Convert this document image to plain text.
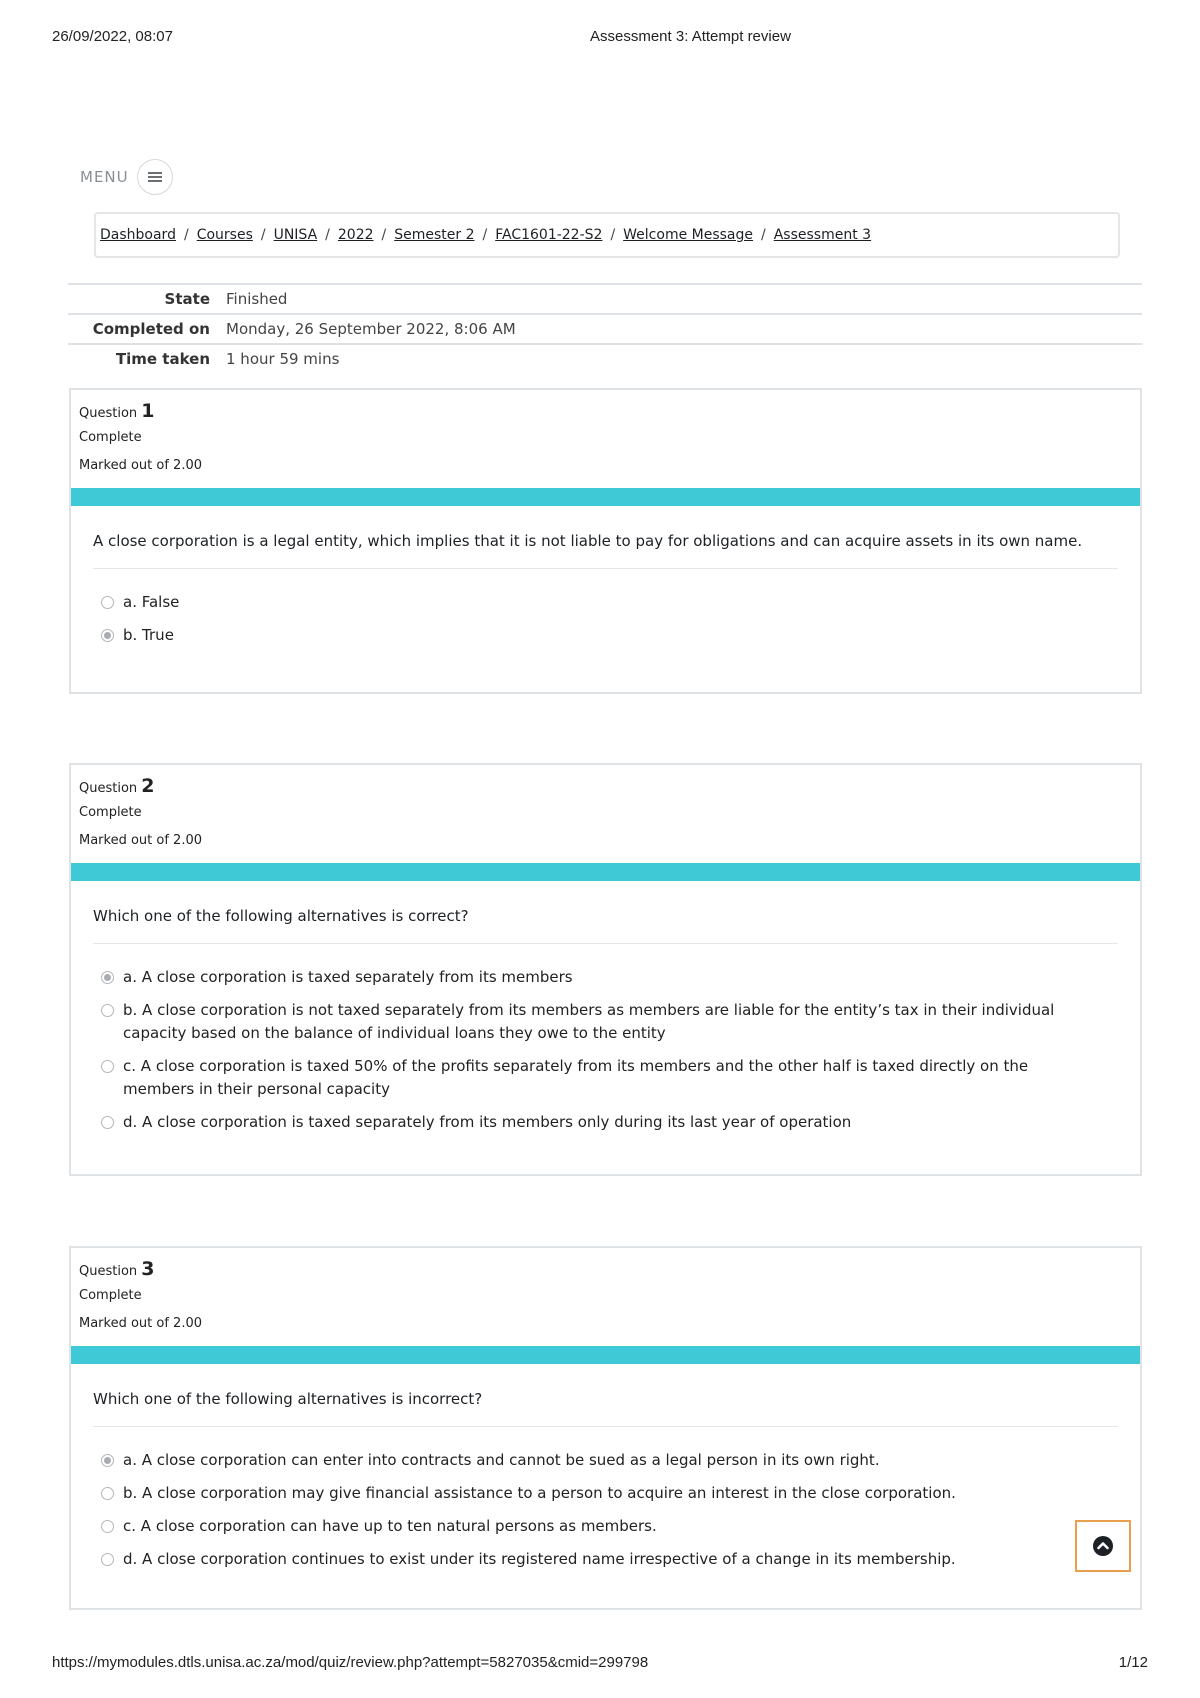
26/09/2022, 08:07	Assessment 3: Attempt review
MENU
Dashboard / Courses / UNISA / 2022 / Semester 2 / FAC1601-22-S2 / Welcome Message / Assessment 3
State	Finished
Completed on	Monday, 26 September 2022, 8:06 AM
Time taken	1 hour 59 mins
Question 1
Complete
Marked out of 2.00
A close corporation is a legal entity, which implies that it is not liable to pay for obligations and can acquire assets in its own name.
a. False
b. True
Question 2
Complete
Marked out of 2.00
Which one of the following alternatives is correct?
a. A close corporation is taxed separately from its members
b. A close corporation is not taxed separately from its members as members are liable for the entity’s tax in their individual capacity based on the balance of individual loans they owe to the entity
c. A close corporation is taxed 50% of the profits separately from its members and the other half is taxed directly on the members in their personal capacity
d. A close corporation is taxed separately from its members only during its last year of operation
Question 3
Complete
Marked out of 2.00
Which one of the following alternatives is incorrect?
a. A close corporation can enter into contracts and cannot be sued as a legal person in its own right.
b. A close corporation may give financial assistance to a person to acquire an interest in the close corporation.
c. A close corporation can have up to ten natural persons as members.
d. A close corporation continues to exist under its registered name irrespective of a change in its membership.
https://mymodules.dtls.unisa.ac.za/mod/quiz/review.php?attempt=5827035&cmid=299798	1/12
